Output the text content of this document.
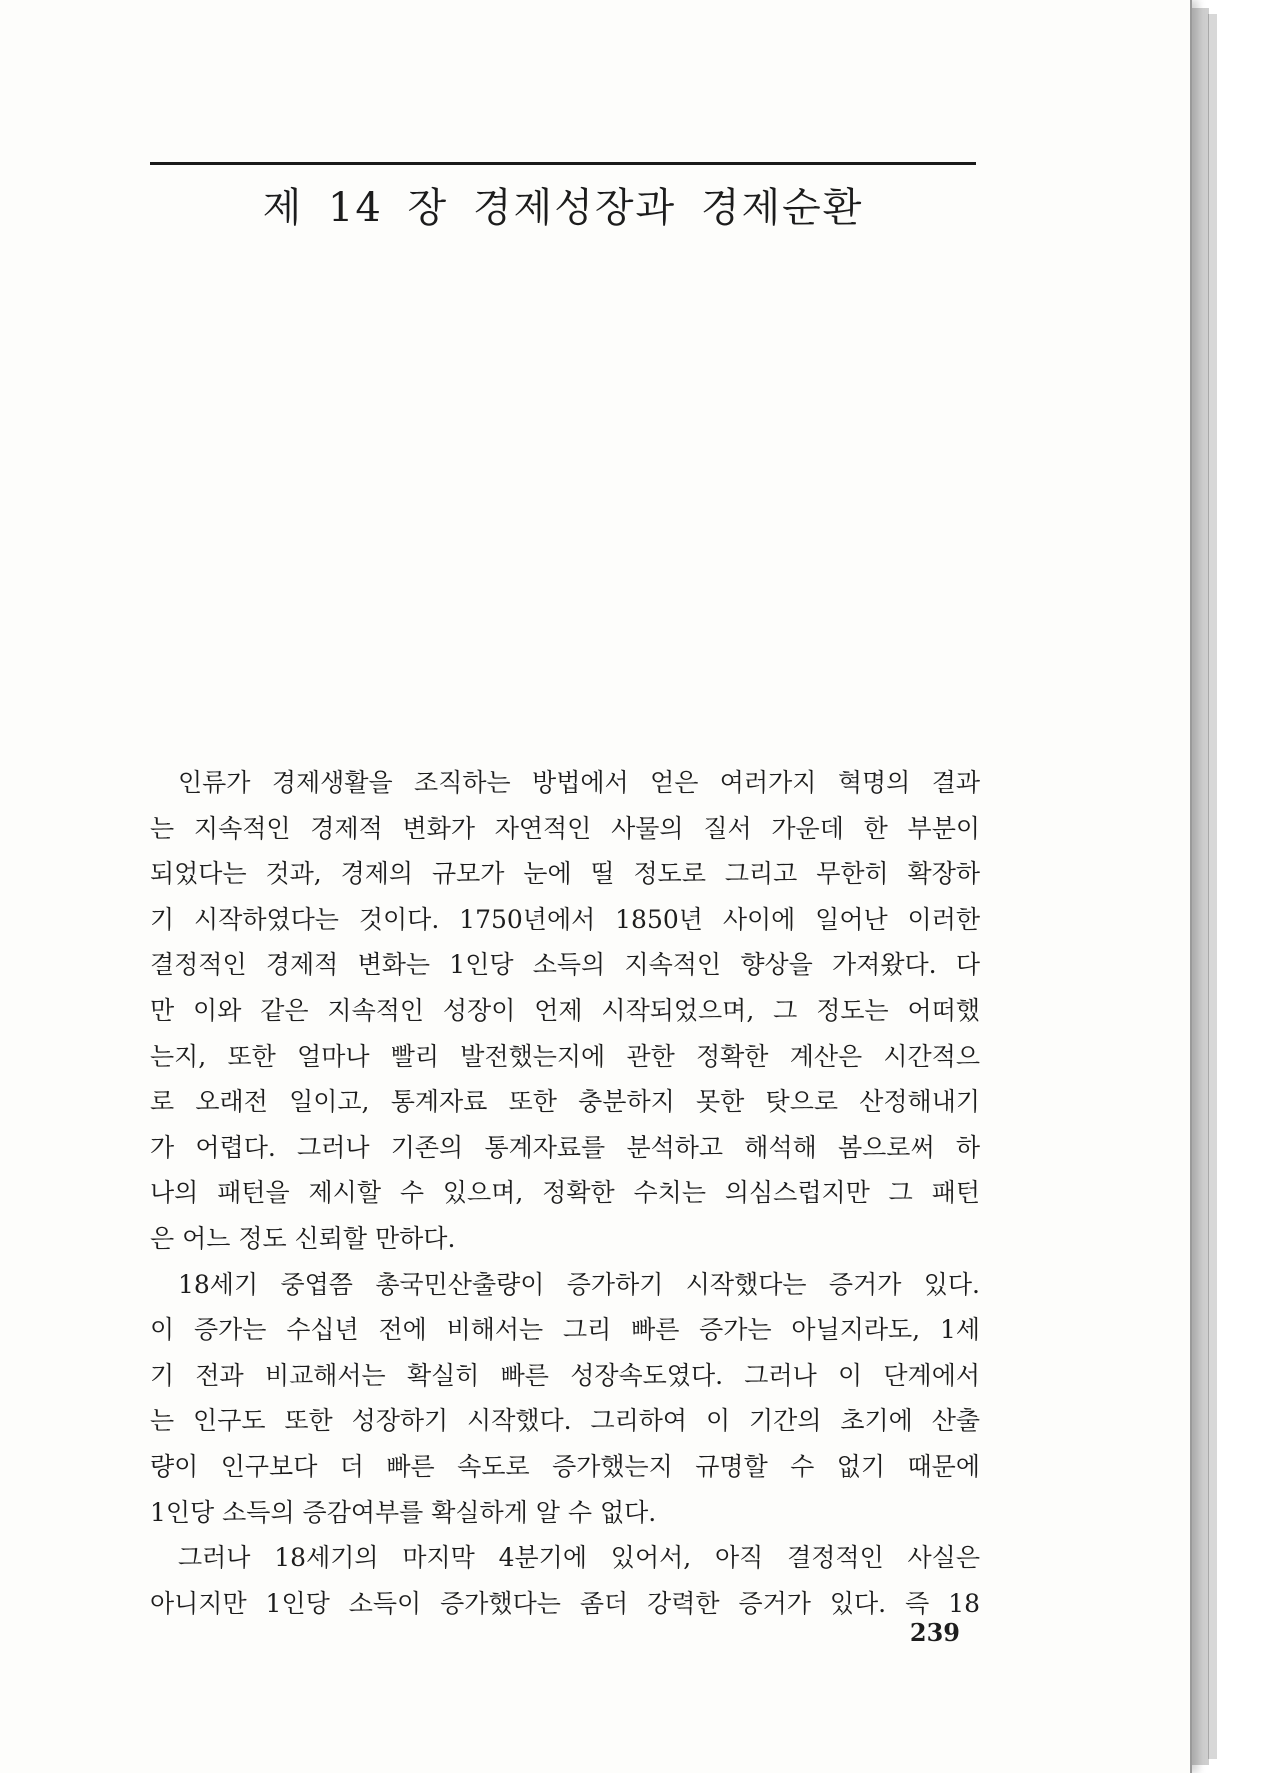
제 14 장 경제성장과 경제순환
인류가 경제생활을 조직하는 방법에서 얻은 여러가지 혁명의 결과
는 지속적인 경제적 변화가 자연적인 사물의 질서 가운데 한 부분이
되었다는 것과, 경제의 규모가 눈에 띨 정도로 그리고 무한히 확장하
기 시작하였다는 것이다. 1750년에서 1850년 사이에 일어난 이러한
결정적인 경제적 변화는 1인당 소득의 지속적인 향상을 가져왔다. 다
만 이와 같은 지속적인 성장이 언제 시작되었으며, 그 정도는 어떠했
는지, 또한 얼마나 빨리 발전했는지에 관한 정확한 계산은 시간적으
로 오래전 일이고, 통계자료 또한 충분하지 못한 탓으로 산정해내기
가 어렵다. 그러나 기존의 통계자료를 분석하고 해석해 봄으로써 하
나의 패턴을 제시할 수 있으며, 정확한 수치는 의심스럽지만 그 패턴
은 어느 정도 신뢰할 만하다.
18세기 중엽쯤 총국민산출량이 증가하기 시작했다는 증거가 있다.
이 증가는 수십년 전에 비해서는 그리 빠른 증가는 아닐지라도, 1세
기 전과 비교해서는 확실히 빠른 성장속도였다. 그러나 이 단계에서
는 인구도 또한 성장하기 시작했다. 그리하여 이 기간의 초기에 산출
량이 인구보다 더 빠른 속도로 증가했는지 규명할 수 없기 때문에
1인당 소득의 증감여부를 확실하게 알 수 없다.
그러나 18세기의 마지막 4분기에 있어서, 아직 결정적인 사실은
아니지만 1인당 소득이 증가했다는 좀더 강력한 증거가 있다. 즉 18
239
